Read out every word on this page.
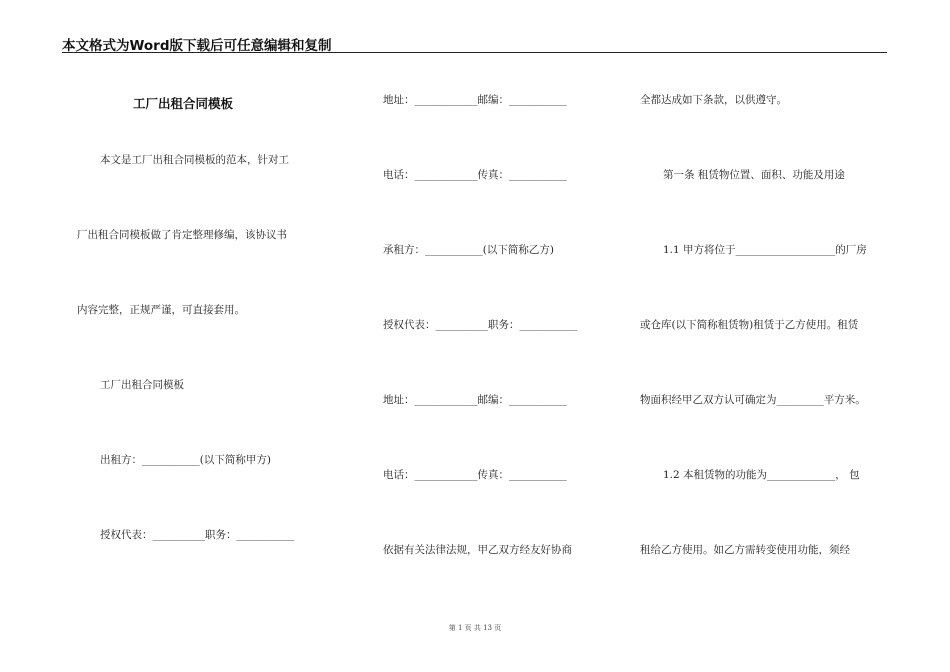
本文格式为Word版下载后可任意编辑和复制
工厂出租合同模板
本文是工厂出租合同模板的范本，针对工
厂出租合同模板做了肯定整理修编，该协议书
内容完整，正规严谨，可直接套用。
工厂出租合同模板
出租方：___________(以下简称甲方)
授权代表：__________职务：___________
地址：____________邮编：___________
电话：____________传真：___________
承租方：___________(以下简称乙方)
授权代表：__________职务：___________
地址：____________邮编：___________
电话：____________传真：___________
依据有关法律法规，甲乙双方经友好协商
全都达成如下条款，以供遵守。
第一条 租赁物位置、面积、功能及用途
1.1 甲方将位于___________________的厂房
或仓库(以下简称租赁物)租赁于乙方使用。租赁
物面积经甲乙双方认可确定为_________平方米。
1.2 本租赁物的功能为_____________， 包
租给乙方使用。如乙方需转变使用功能，须经
第 1 页 共 13 页
